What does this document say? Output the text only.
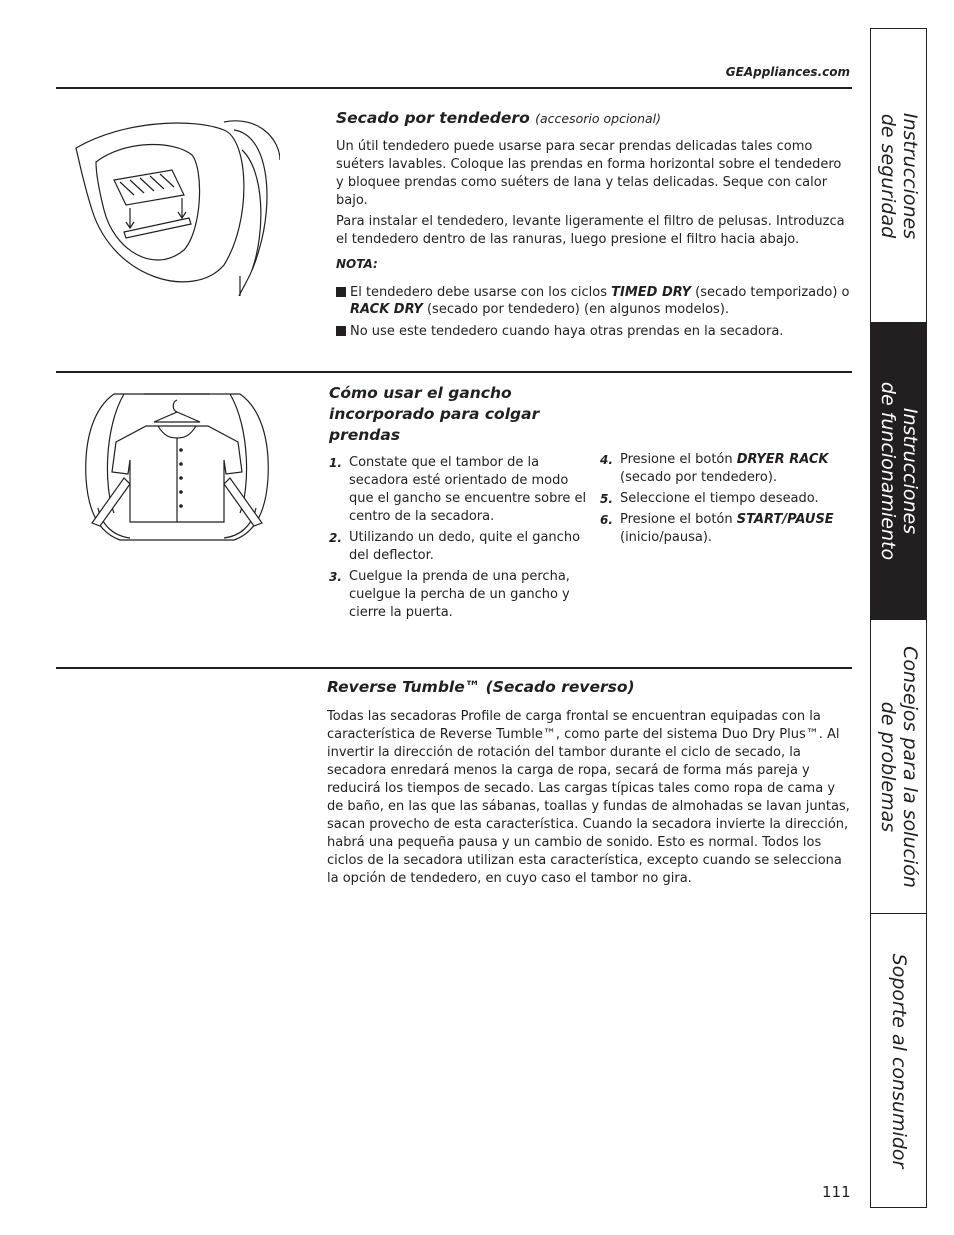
GEAppliances.com
Secado por tendedero (accesorio opcional)

Un útil tendedero puede usarse para secar prendas delicadas tales como suéters lavables. Coloque las prendas en forma horizontal sobre el tendedero y bloquee prendas como suéters de lana y telas delicadas. Seque con calor bajo.

Para instalar el tendedero, levante ligeramente el filtro de pelusas. Introduzca el tendedero dentro de las ranuras, luego presione el filtro hacia abajo.

NOTA:
El tendedero debe usarse con los ciclos TIMED DRY (secado temporizado) o RACK DRY (secado por tendedero) (en algunos modelos).
No use este tendedero cuando haya otras prendas en la secadora.
Cómo usar el gancho incorporado para colgar prendas
1. Constate que el tambor de la secadora esté orientado de modo que el gancho se encuentre sobre el centro de la secadora.
2. Utilizando un dedo, quite el gancho del deflector.
3. Cuelgue la prenda de una percha, cuelgue la percha de un gancho y cierre la puerta.
4. Presione el botón DRYER RACK (secado por tendedero).
5. Seleccione el tiempo deseado.
6. Presione el botón START/PAUSE (inicio/pausa).
Reverse Tumble™ (Secado reverso)

Todas las secadoras Profile de carga frontal se encuentran equipadas con la característica de Reverse Tumble™, como parte del sistema Duo Dry Plus™. Al invertir la dirección de rotación del tambor durante el ciclo de secado, la secadora enredará menos la carga de ropa, secará de forma más pareja y reducirá los tiempos de secado. Las cargas típicas tales como ropa de cama y de baño, en las que las sábanas, toallas y fundas de almohadas se lavan juntas, sacan provecho de esta característica. Cuando la secadora invierte la dirección, habrá una pequeña pausa y un cambio de sonido. Esto es normal. Todos los ciclos de la secadora utilizan esta característica, excepto cuando se selecciona la opción de tendedero, en cuyo caso el tambor no gira.

Instrucciones
de seguridad
Instrucciones
de funcionamiento
Consejos para la solución
de problemas
Soporte al consumidor
111
